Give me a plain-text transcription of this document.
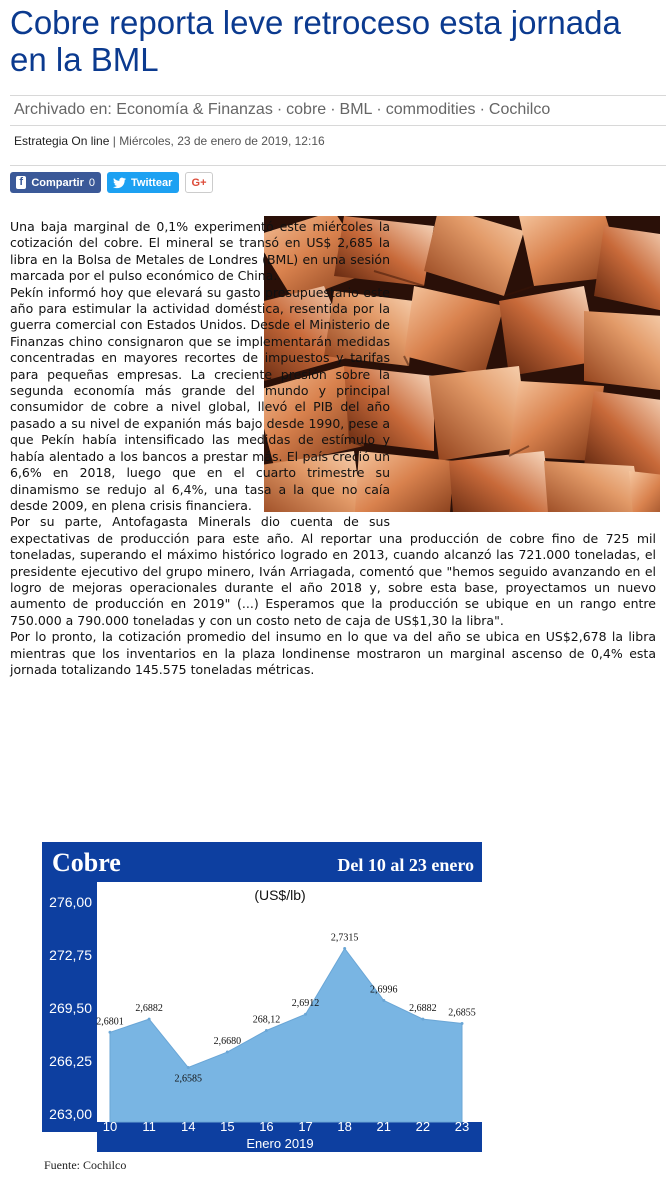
Cobre reporta leve retroceso esta jornada en la BML
Archivado en: Economía & Finanzas · cobre · BML · commodities · Cochilco
Estrategia On line | Miércoles, 23 de enero de 2019, 12:16
f Compartir 0	Twittear G+

Una baja marginal de 0,1% experimentó este miércoles la cotización del cobre. El mineral se transó en US$ 2,685 la libra en la Bolsa de Metales de Londres (BML) en una sesión marcada por el pulso económico de China.

Pekín informó hoy que elevará su gasto presupuestario este año para estimular la actividad doméstica, resentida por la guerra comercial con Estados Unidos. Desde el Ministerio de Finanzas chino consignaron que se implementarán medidas concentradas en mayores recortes de impuestos y tarifas para pequeñas empresas. La creciente presión sobre la segunda economía más grande del mundo y principal consumidor de cobre a nivel global, llevó el PIB del año pasado a su nivel de expanión más bajo desde 1990, pese a que Pekín había intensificado las medidas de estímulo y había alentado a los bancos a prestar más. El país creció un 6,6% en 2018, luego que en el cuarto trimestre su dinamismo se redujo al 6,4%, una tasa a la que no caía desde 2009, en plena crisis financiera.

Por su parte, Antofagasta Minerals dio cuenta de sus expectativas de producción para este año. Al reportar una producción de cobre fino de 725 mil toneladas, superando el máximo histórico logrado en 2013, cuando alcanzó las 721.000 toneladas, el presidente ejecutivo del grupo minero, Iván Arriagada, comentó que "hemos seguido avanzando en el logro de mejoras operacionales durante el año 2018 y, sobre esta base, proyectamos un nuevo aumento de producción en 2019" (...) Esperamos que la producción se ubique en un rango entre 750.000 a 790.000 toneladas y con un costo neto de caja de US$1,30 la libra".

Por lo pronto, la cotización promedio del insumo en lo que va del año se ubica en US$2,678 la libra mientras que los inventarios en la plaza londinense mostraron un marginal ascenso de 0,4% esta jornada totalizando 145.575 toneladas métricas.

Cobre	Del 10 al 23 enero
(US$/lb)
276,00
272,75
269,50
266,25
263,00
2,6801
2,6882
2,6585
2,6680
268,12
2,6912
2,7315
2,6996
2,6882 2,6855
10 11 14 15 16 17 18 21 22 23
Enero 2019
Fuente: Cochilco
